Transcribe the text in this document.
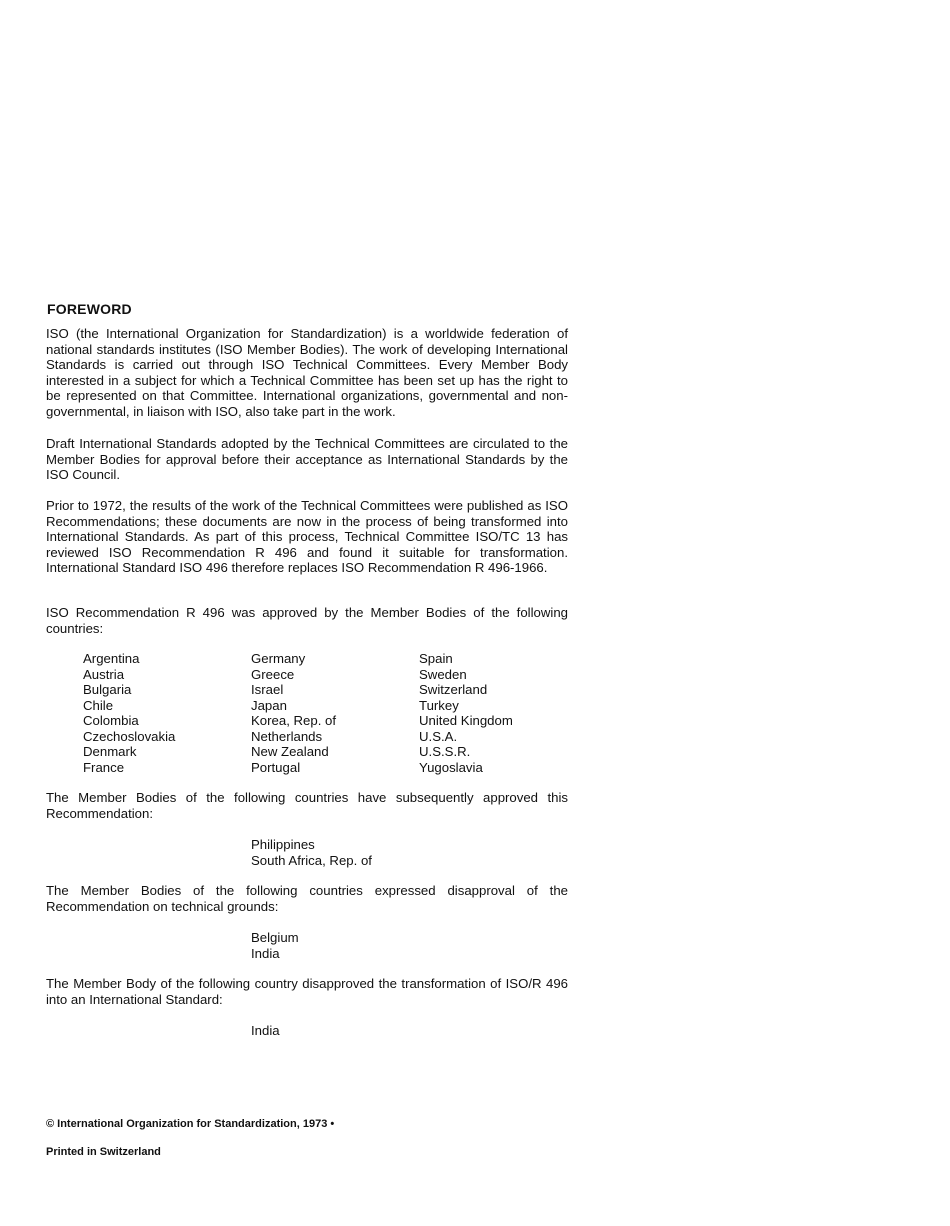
FOREWORD

ISO (the International Organization for Standardization) is a worldwide federation of national standards institutes (ISO Member Bodies). The work of developing International Standards is carried out through ISO Technical Committees. Every Member Body interested in a subject for which a Technical Committee has been set up has the right to be represented on that Committee. International organizations, governmental and non-governmental, in liaison with ISO, also take part in the work.

Draft International Standards adopted by the Technical Committees are circulated to the Member Bodies for approval before their acceptance as International Standards by the ISO Council.

Prior to 1972, the results of the work of the Technical Committees were published as ISO Recommendations; these documents are now in the process of being transformed into International Standards. As part of this process, Technical Committee ISO/TC 13 has reviewed ISO Recommendation R 496 and found it suitable for transformation. International Standard ISO 496 therefore replaces ISO Recommendation R 496-1966.

ISO Recommendation R 496 was approved by the Member Bodies of the following countries:

Argentina
Austria
Bulgaria
Chile
Colombia
Czechoslovakia
Denmark
France
Germany
Greece
Israel
Japan
Korea, Rep. of
Netherlands
New Zealand
Portugal
Spain
Sweden
Switzerland
Turkey
United Kingdom
U.S.A.
U.S.S.R.
Yugoslavia

The Member Bodies of the following countries have subsequently approved this Recommendation:

Philippines
South Africa, Rep. of

The Member Bodies of the following countries expressed disapproval of the Recommendation on technical grounds:

Belgium
India

The Member Body of the following country disapproved the transformation of ISO/R 496 into an International Standard:

India
© International Organization for Standardization, 1973 •
Printed in Switzerland
